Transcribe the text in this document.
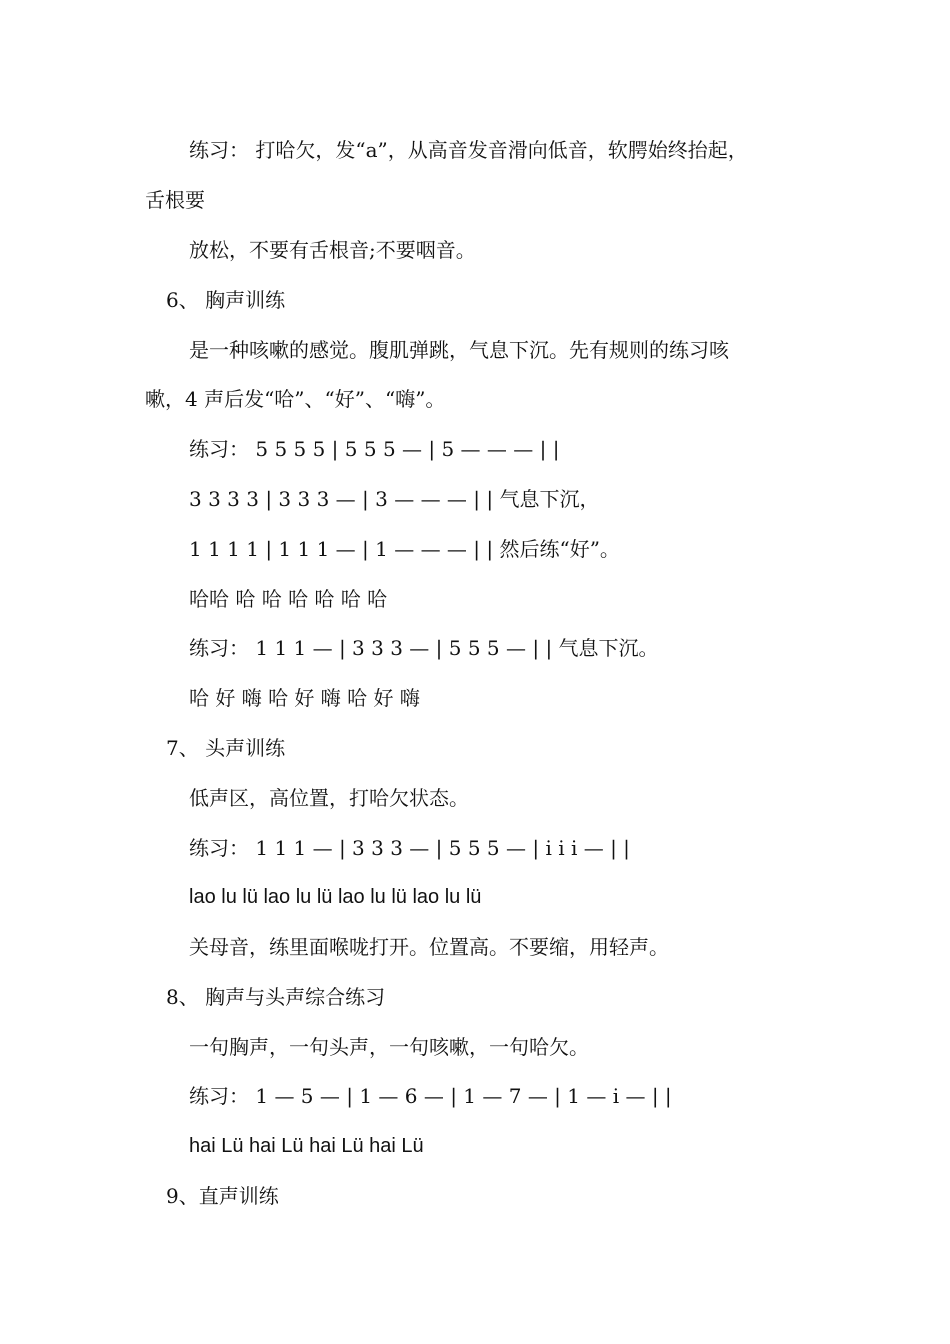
练习： 打哈欠，发“a”，从高音发音滑向低音，软腭始终抬起，
舌根要
放松，不要有舌根音;不要咽音。
6、 胸声训练
是一种咳嗽的感觉。腹肌弹跳，气息下沉。先有规则的练习咳
嗽，4 声后发“哈”、“好”、“嗨”。
练习： 5 5 5 5 | 5 5 5 — | 5 — — — | |
3 3 3 3 | 3 3 3 — | 3 — — — | | 气息下沉，
1 1 1 1 | 1 1 1 — | 1 — — — | | 然后练“好”。
哈哈 哈 哈 哈 哈 哈 哈
练习： 1 1 1 — | 3 3 3 — | 5 5 5 — | | 气息下沉。
哈 好 嗨 哈 好 嗨 哈 好 嗨
7、 头声训练
低声区，高位置，打哈欠状态。
练习： 1 1 1 — | 3 3 3 — | 5 5 5 — | i i i — | |
lao lu lü lao lu lü lao lu lü lao lu lü
关母音，练里面喉咙打开。位置高。不要缩，用轻声。
8、 胸声与头声综合练习
一句胸声，一句头声，一句咳嗽，一句哈欠。
练习： 1 — 5 — | 1 — 6 — | 1 — 7 — | 1 — i — | |
hai Lü hai Lü hai Lü hai Lü
9、直声训练
